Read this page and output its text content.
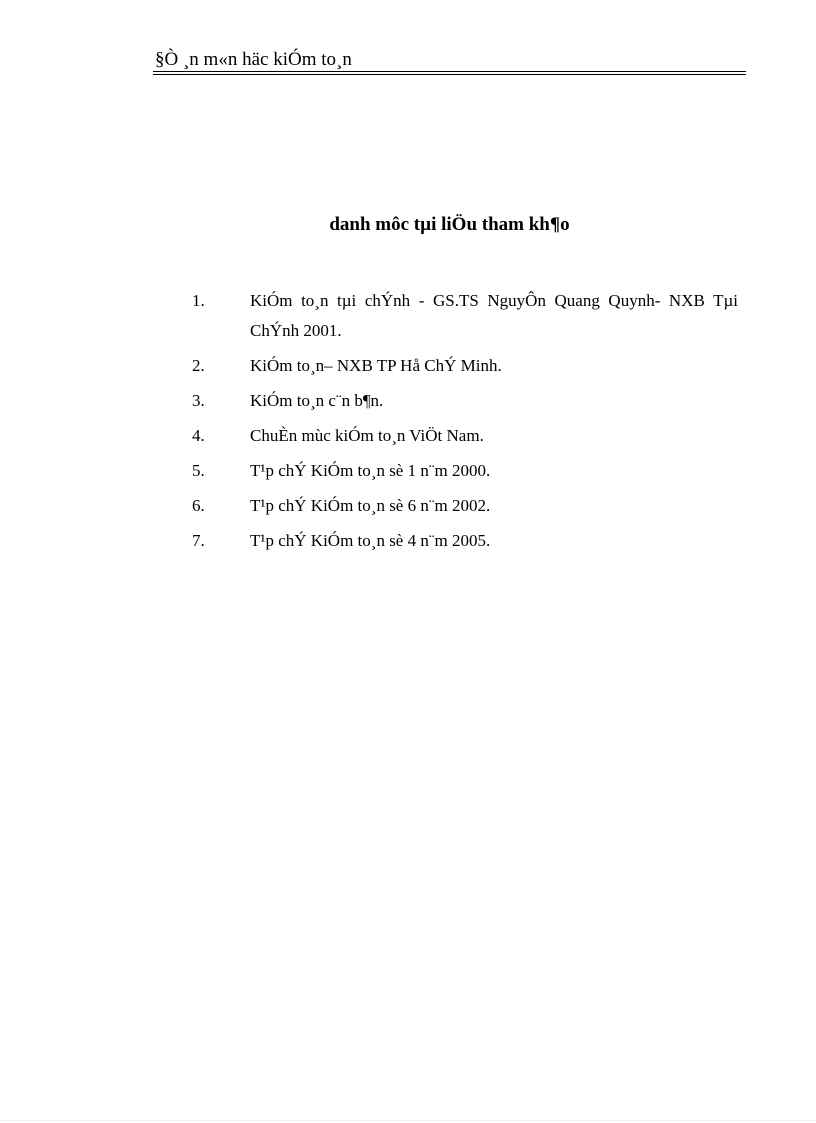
§Ò ¸n m«n häc kiÓm to¸n
danh môc tµi liÖu tham kh¶o
1.	KiÓm to¸n tµi chÝnh - GS.TS NguyÔn Quang Quynh- NXB Tµi ChÝnh 2001.
2.	KiÓm to¸n– NXB TP Hå ChÝ Minh.
3.	KiÓm to¸n c¨n b¶n.
4.	ChuÈn mùc kiÓm to¸n ViÖt Nam.
5.	T¹p chÝ KiÓm to¸n sè 1 n¨m 2000.
6.	T¹p chÝ KiÓm to¸n sè 6 n¨m 2002.
7.	T¹p chÝ KiÓm to¸n sè 4 n¨m 2005.
